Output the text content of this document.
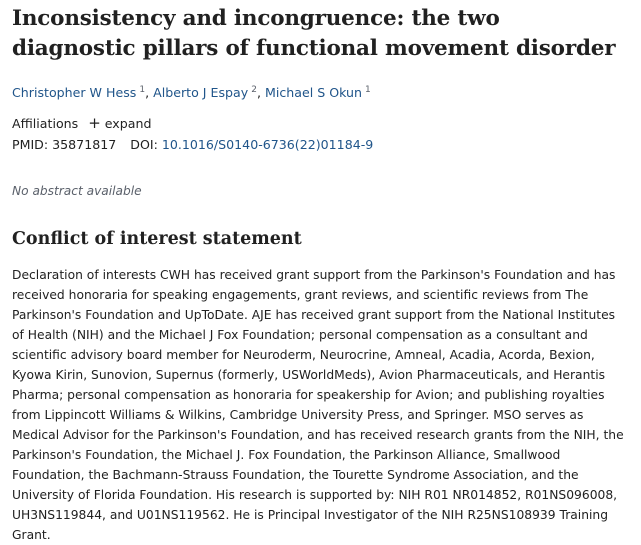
Inconsistency and incongruence: the two diagnostic pillars of functional movement disorder
Christopher W Hess $^1$, Alberto J Espay $^2$, Michael S Okun $^1$
Affiliations + expand
PMID: 35871817 DOI: 10.1016/S0140-6736(22)01184-9
No abstract available
Conflict of interest statement
Declaration of interests CWH has received grant support from the Parkinson's Foundation and has received honoraria for speaking engagements, grant reviews, and scientific reviews from The Parkinson's Foundation and UpToDate. AJE has received grant support from the National Institutes of Health (NIH) and the Michael J Fox Foundation; personal compensation as a consultant and scientific advisory board member for Neuroderm, Neurocrine, Amneal, Acadia, Acorda, Bexion, Kyowa Kirin, Sunovion, Supernus (formerly, USWorldMeds), Avion Pharmaceuticals, and Herantis Pharma; personal compensation as honoraria for speakership for Avion; and publishing royalties from Lippincott Williams & Wilkins, Cambridge University Press, and Springer. MSO serves as Medical Advisor for the Parkinson's Foundation, and has received research grants from the NIH, the Parkinson's Foundation, the Michael J. Fox Foundation, the Parkinson Alliance, Smallwood Foundation, the Bachmann-Strauss Foundation, the Tourette Syndrome Association, and the University of Florida Foundation. His research is supported by: NIH R01 NR014852, R01NS096008, UH3NS119844, and U01NS119562. He is Principal Investigator of the NIH R25NS108939 Training Grant.
